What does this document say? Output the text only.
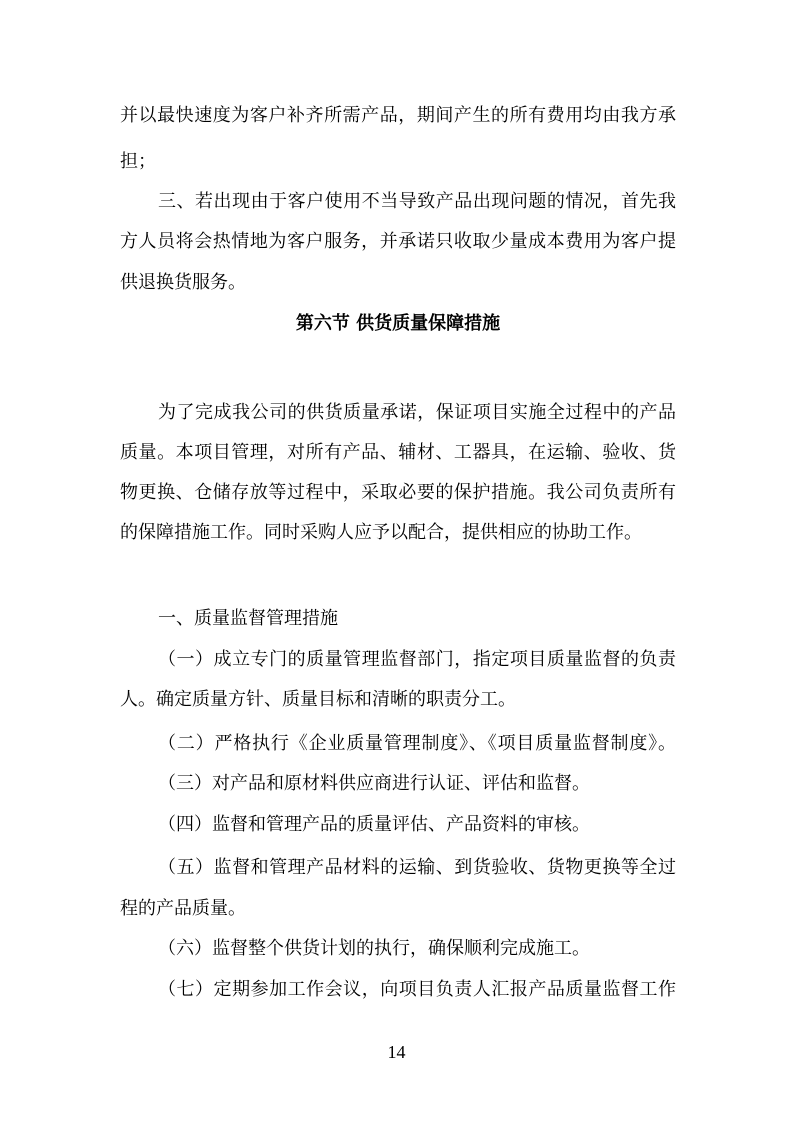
并以最快速度为客户补齐所需产品，期间产生的所有费用均由我方承
担；
三、若出现由于客户使用不当导致产品出现问题的情况，首先我
方人员将会热情地为客户服务，并承诺只收取少量成本费用为客户提
供退换货服务。
第六节 供货质量保障措施
为了完成我公司的供货质量承诺，保证项目实施全过程中的产品
质量。本项目管理，对所有产品、辅材、工器具，在运输、验收、货
物更换、仓储存放等过程中，采取必要的保护措施。我公司负责所有
的保障措施工作。同时采购人应予以配合，提供相应的协助工作。
一、质量监督管理措施
（一）成立专门的质量管理监督部门，指定项目质量监督的负责
人。确定质量方针、质量目标和清晰的职责分工。
（二）严格执行《企业质量管理制度》、《项目质量监督制度》。
（三）对产品和原材料供应商进行认证、评估和监督。
（四）监督和管理产品的质量评估、产品资料的审核。
（五）监督和管理产品材料的运输、到货验收、货物更换等全过
程的产品质量。
（六）监督整个供货计划的执行，确保顺利完成施工。
（七）定期参加工作会议，向项目负责人汇报产品质量监督工作
14
